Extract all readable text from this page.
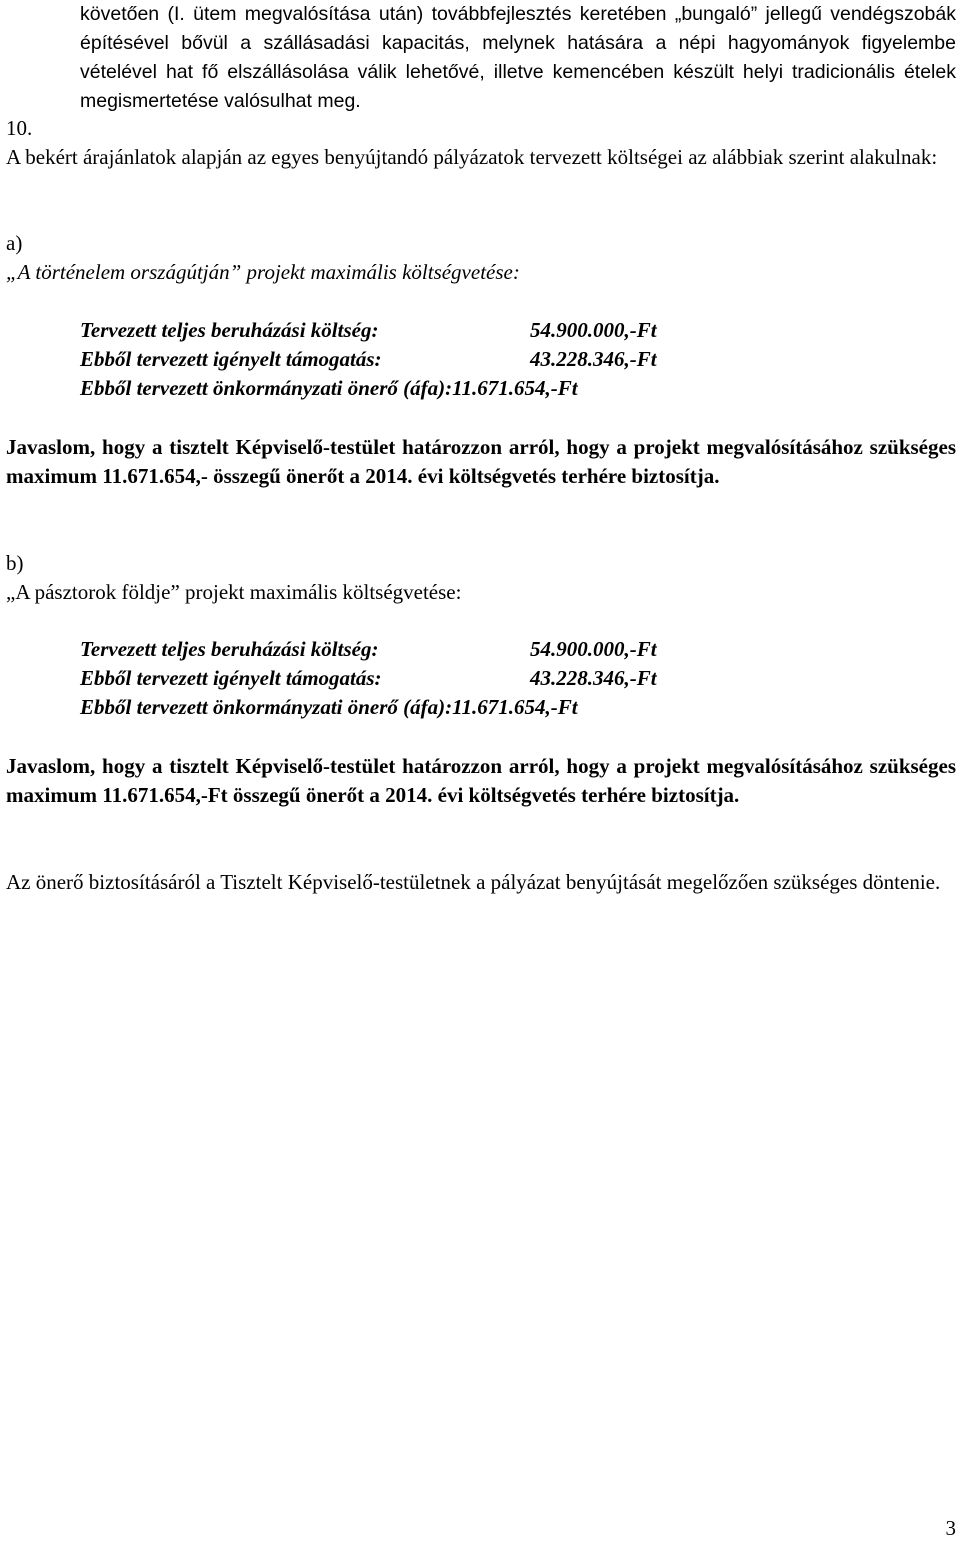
követően (I. ütem megvalósítása után) továbbfejlesztés keretében „bungaló” jellegű vendégszobák építésével bővül a szállásadási kapacitás, melynek hatására a népi hagyományok figyelembe vételével hat fő elszállásolása válik lehetővé, illetve kemencében készült helyi tradicionális ételek megismertetése valósulhat meg.
10.
A bekért árajánlatok alapján az egyes benyújtandó pályázatok tervezett költségei az alábbiak szerint alakulnak:
a)
„A történelem országútján” projekt maximális költségvetése:
Tervezett teljes beruházási költség:	54.900.000,-Ft
Ebből tervezett igényelt támogatás:	43.228.346,-Ft
Ebből tervezett önkormányzati önerő (áfa): 11.671.654,-Ft
Javaslom, hogy a tisztelt Képviselő-testület határozzon arról, hogy a projekt megvalósításához szükséges maximum 11.671.654,- összegű önerőt a 2014. évi költségvetés terhére biztosítja.
b)
„A pásztorok földje” projekt maximális költségvetése:
Tervezett teljes beruházási költség:	54.900.000,-Ft
Ebből tervezett igényelt támogatás:	43.228.346,-Ft
Ebből tervezett önkormányzati önerő (áfa): 11.671.654,-Ft
Javaslom, hogy a tisztelt Képviselő-testület határozzon arról, hogy a projekt megvalósításához szükséges maximum 11.671.654,-Ft összegű önerőt a 2014. évi költségvetés terhére biztosítja.
Az önerő biztosításáról a Tisztelt Képviselő-testületnek a pályázat benyújtását megelőzően szükséges döntenie.
3
